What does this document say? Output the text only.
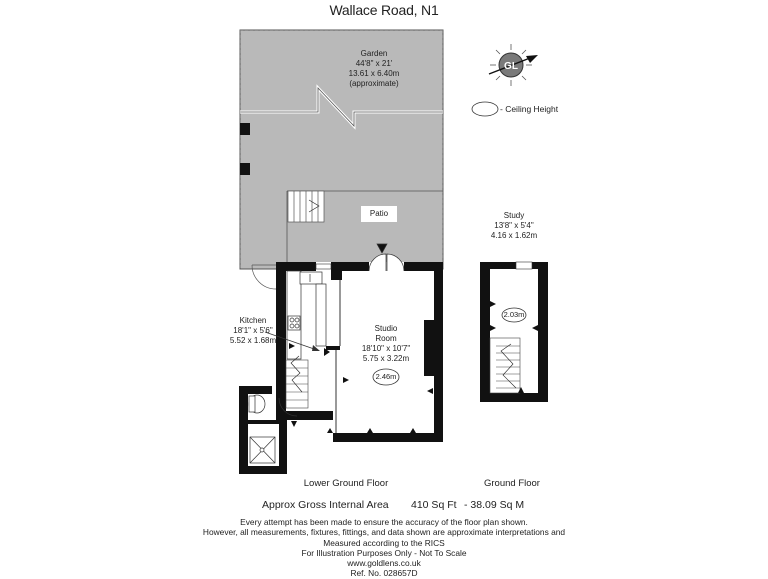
Wallace Road, N1
GL
Garden
44'8" x 21'
13.61 x 6.40m
(approximate)
Patio
Kitchen
18'1" x 5'6"
5.52 x 1.68m
Studio
Room
18'10" x 10'7"
5.75 x 3.22m
2.46m
Study
13'8" x 5'4"
4.16 x 1.62m
2.03m
- Ceiling Height
Lower Ground Floor	Ground Floor
Approx Gross Internal Area 410 Sq Ft - 38.09 Sq M
Every attempt has been made to ensure the accuracy of the floor plan shown.
However, all measurements, fixtures, fittings, and data shown are approximate interpretations and
Measured according to the RICS
For Illustration Purposes Only - Not To Scale
www.goldlens.co.uk
Ref. No. 028657D
